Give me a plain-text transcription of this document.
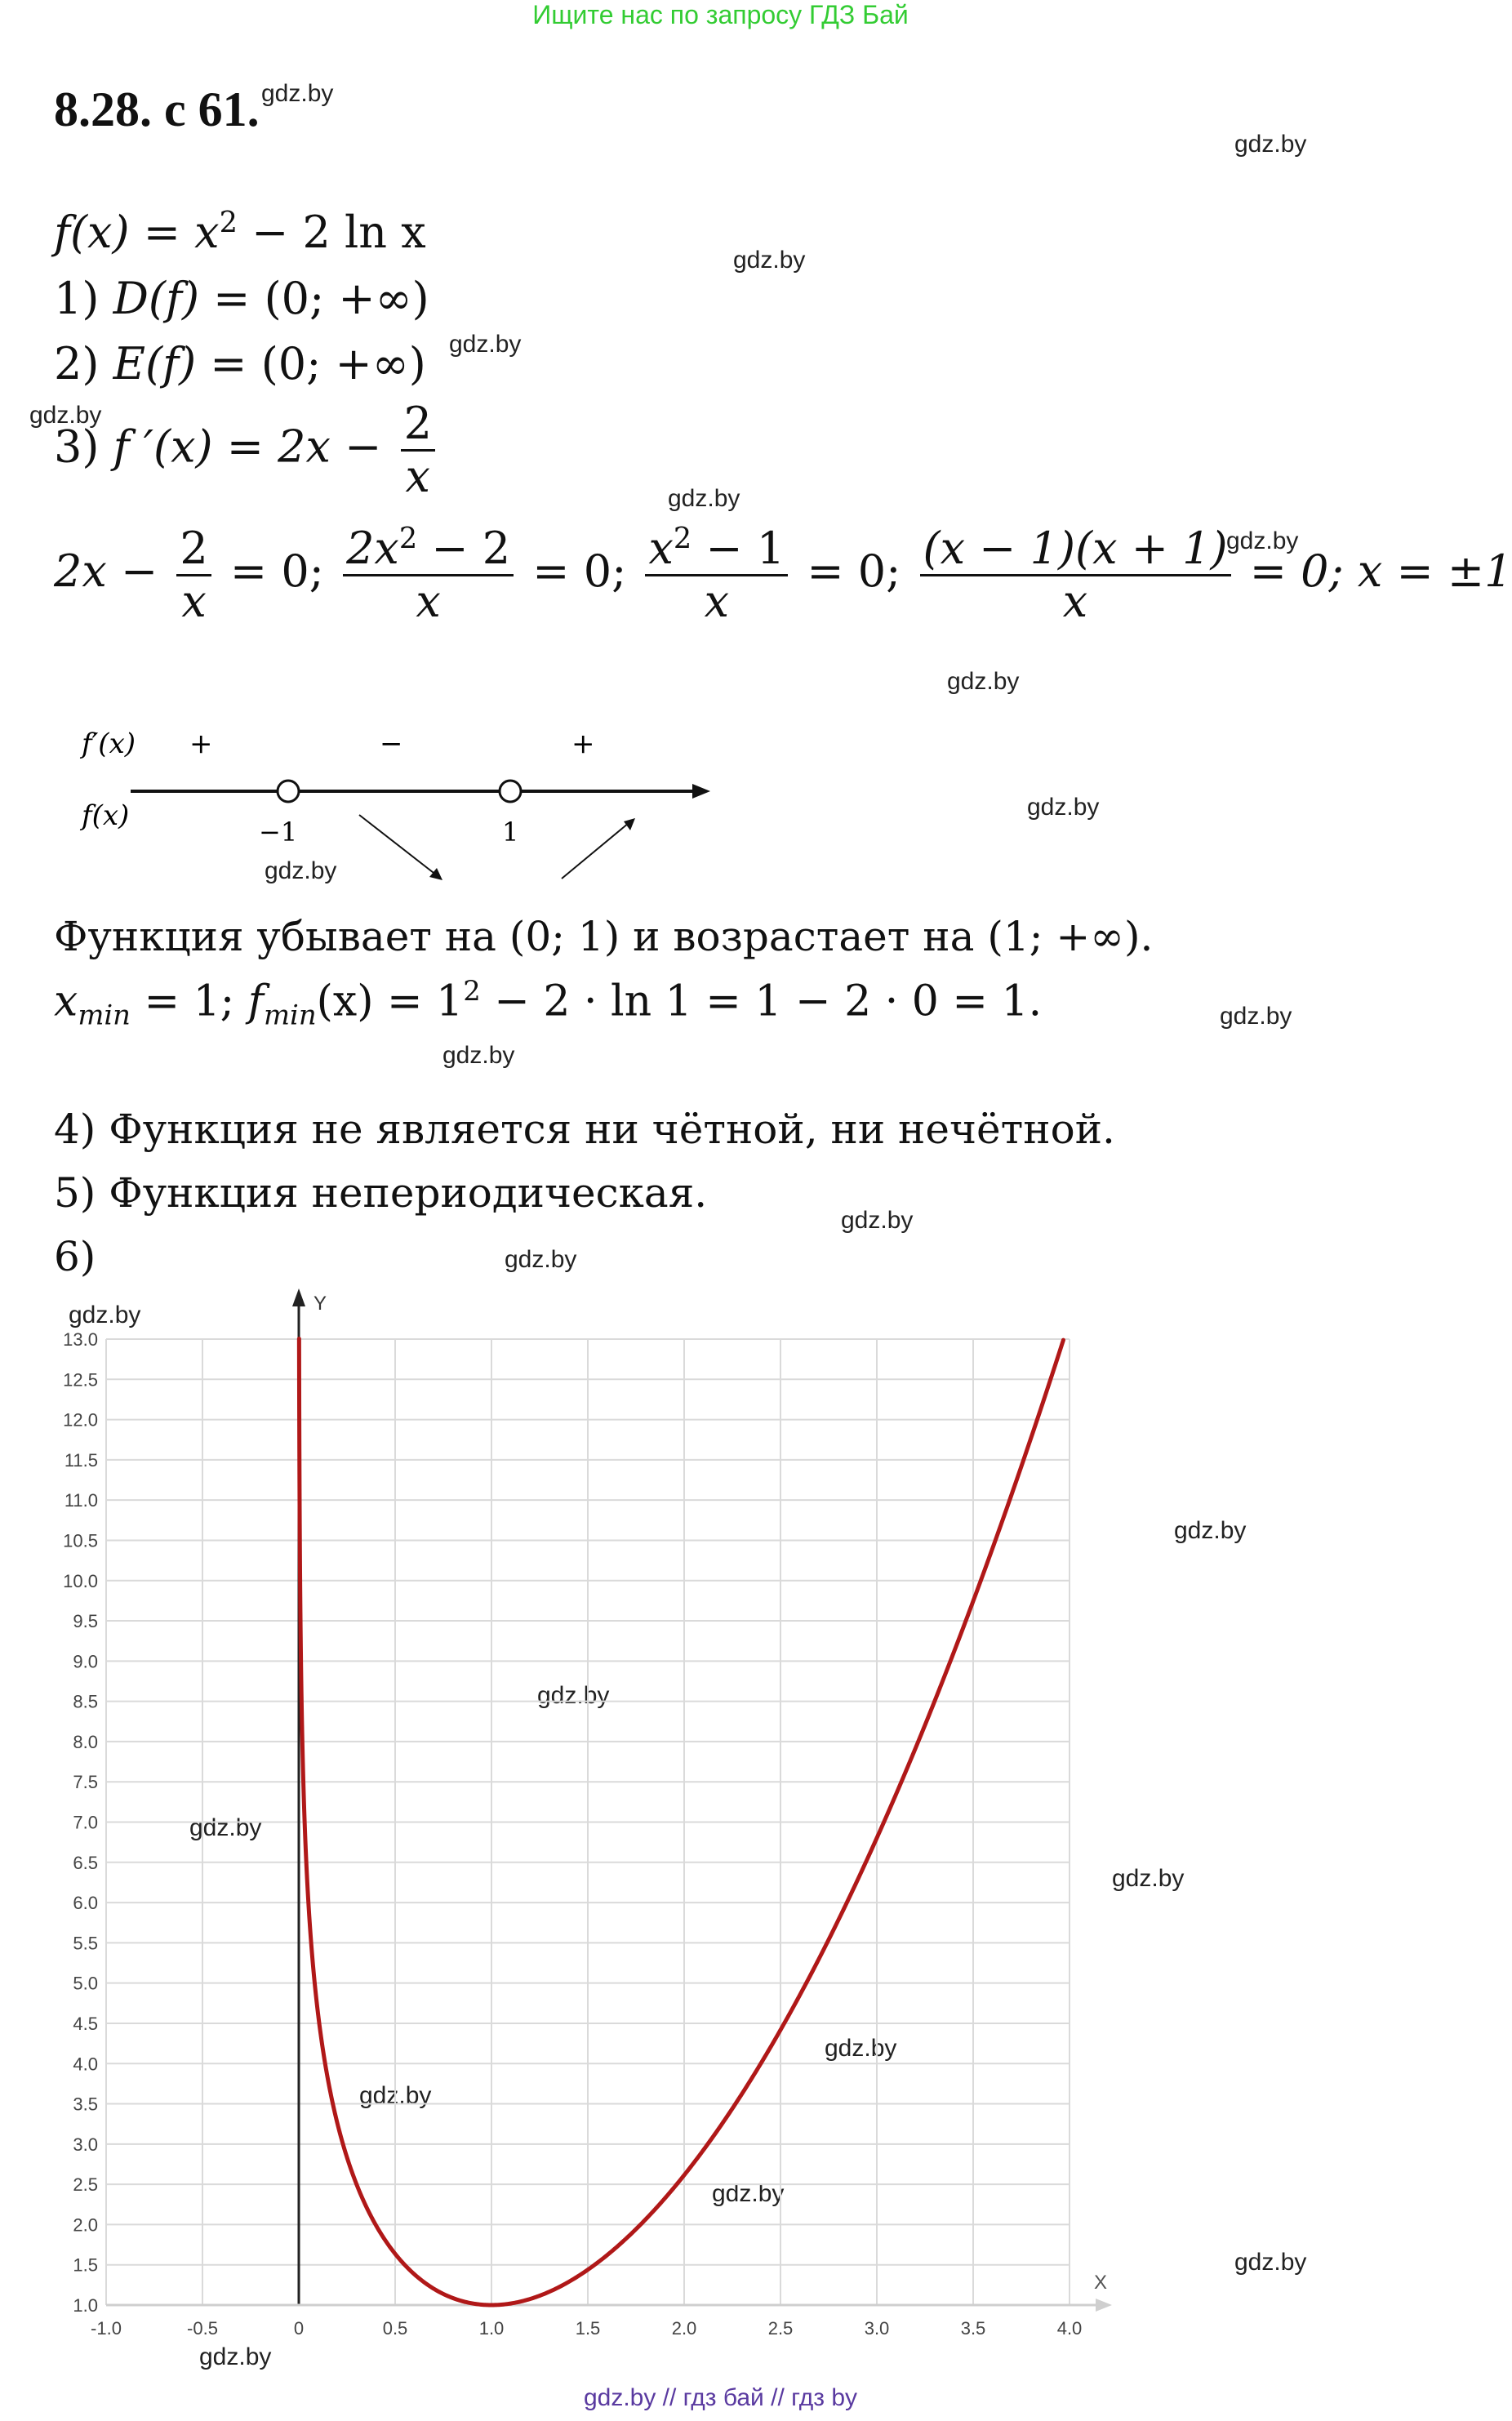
Ищите нас по запросу ГДЗ Бай
8.28. с 61. gdz.by
gdz.by
gdz.by
gdz.by
gdz.by
gdz.by
gdz.by
gdz.by
gdz.by
gdz.by
gdz.by
gdz.by
gdz.by
gdz.by
gdz.by
gdz.by
gdz.by
gdz.by
gdz.by
gdz.by
gdz.by
gdz.by
gdz.by
gdz.by
$f(x) = x^2 - 2$ ln x
1) D(f) = (0; +∞)
2) E(f) = (0; +∞)
3) f $'(x) = 2x - \frac{2}{x}$
$2x - \frac{2}{x} = 0$; $\frac{2x^2 - 2}{x} = 0$; $\frac{x^2 - 1}{x} = 0$; $\frac{(x - 1)(x + 1)}{x} = 0$; x = ±1
f′(x)
f(x)
+	−	+
−1	1
Функция убывает на (0; 1) и возрастает на (1; +∞).
$x_{min} = 1$; $f_{min}(x) = 1^2 - 2 \cdot \ln 1 = 1 - 2 \cdot 0 = 1$.
4) Функция не является ни чётной, ни нечётной.
5) Функция непериодическая.
6)
-1.0	-0.5	0	0.5	1.0	1.5	2.0	2.5	3.0	3.5	4.0
1.0
1.5
2.0
2.5
3.0
3.5
4.0
4.5
5.0
5.5
6.0
6.5
7.0
7.5
8.0
8.5
9.0
9.5
10.0
10.5
11.0
11.5
12.0
12.5
13.0
Y
X
gdz.by // гдз бай // гдз by
